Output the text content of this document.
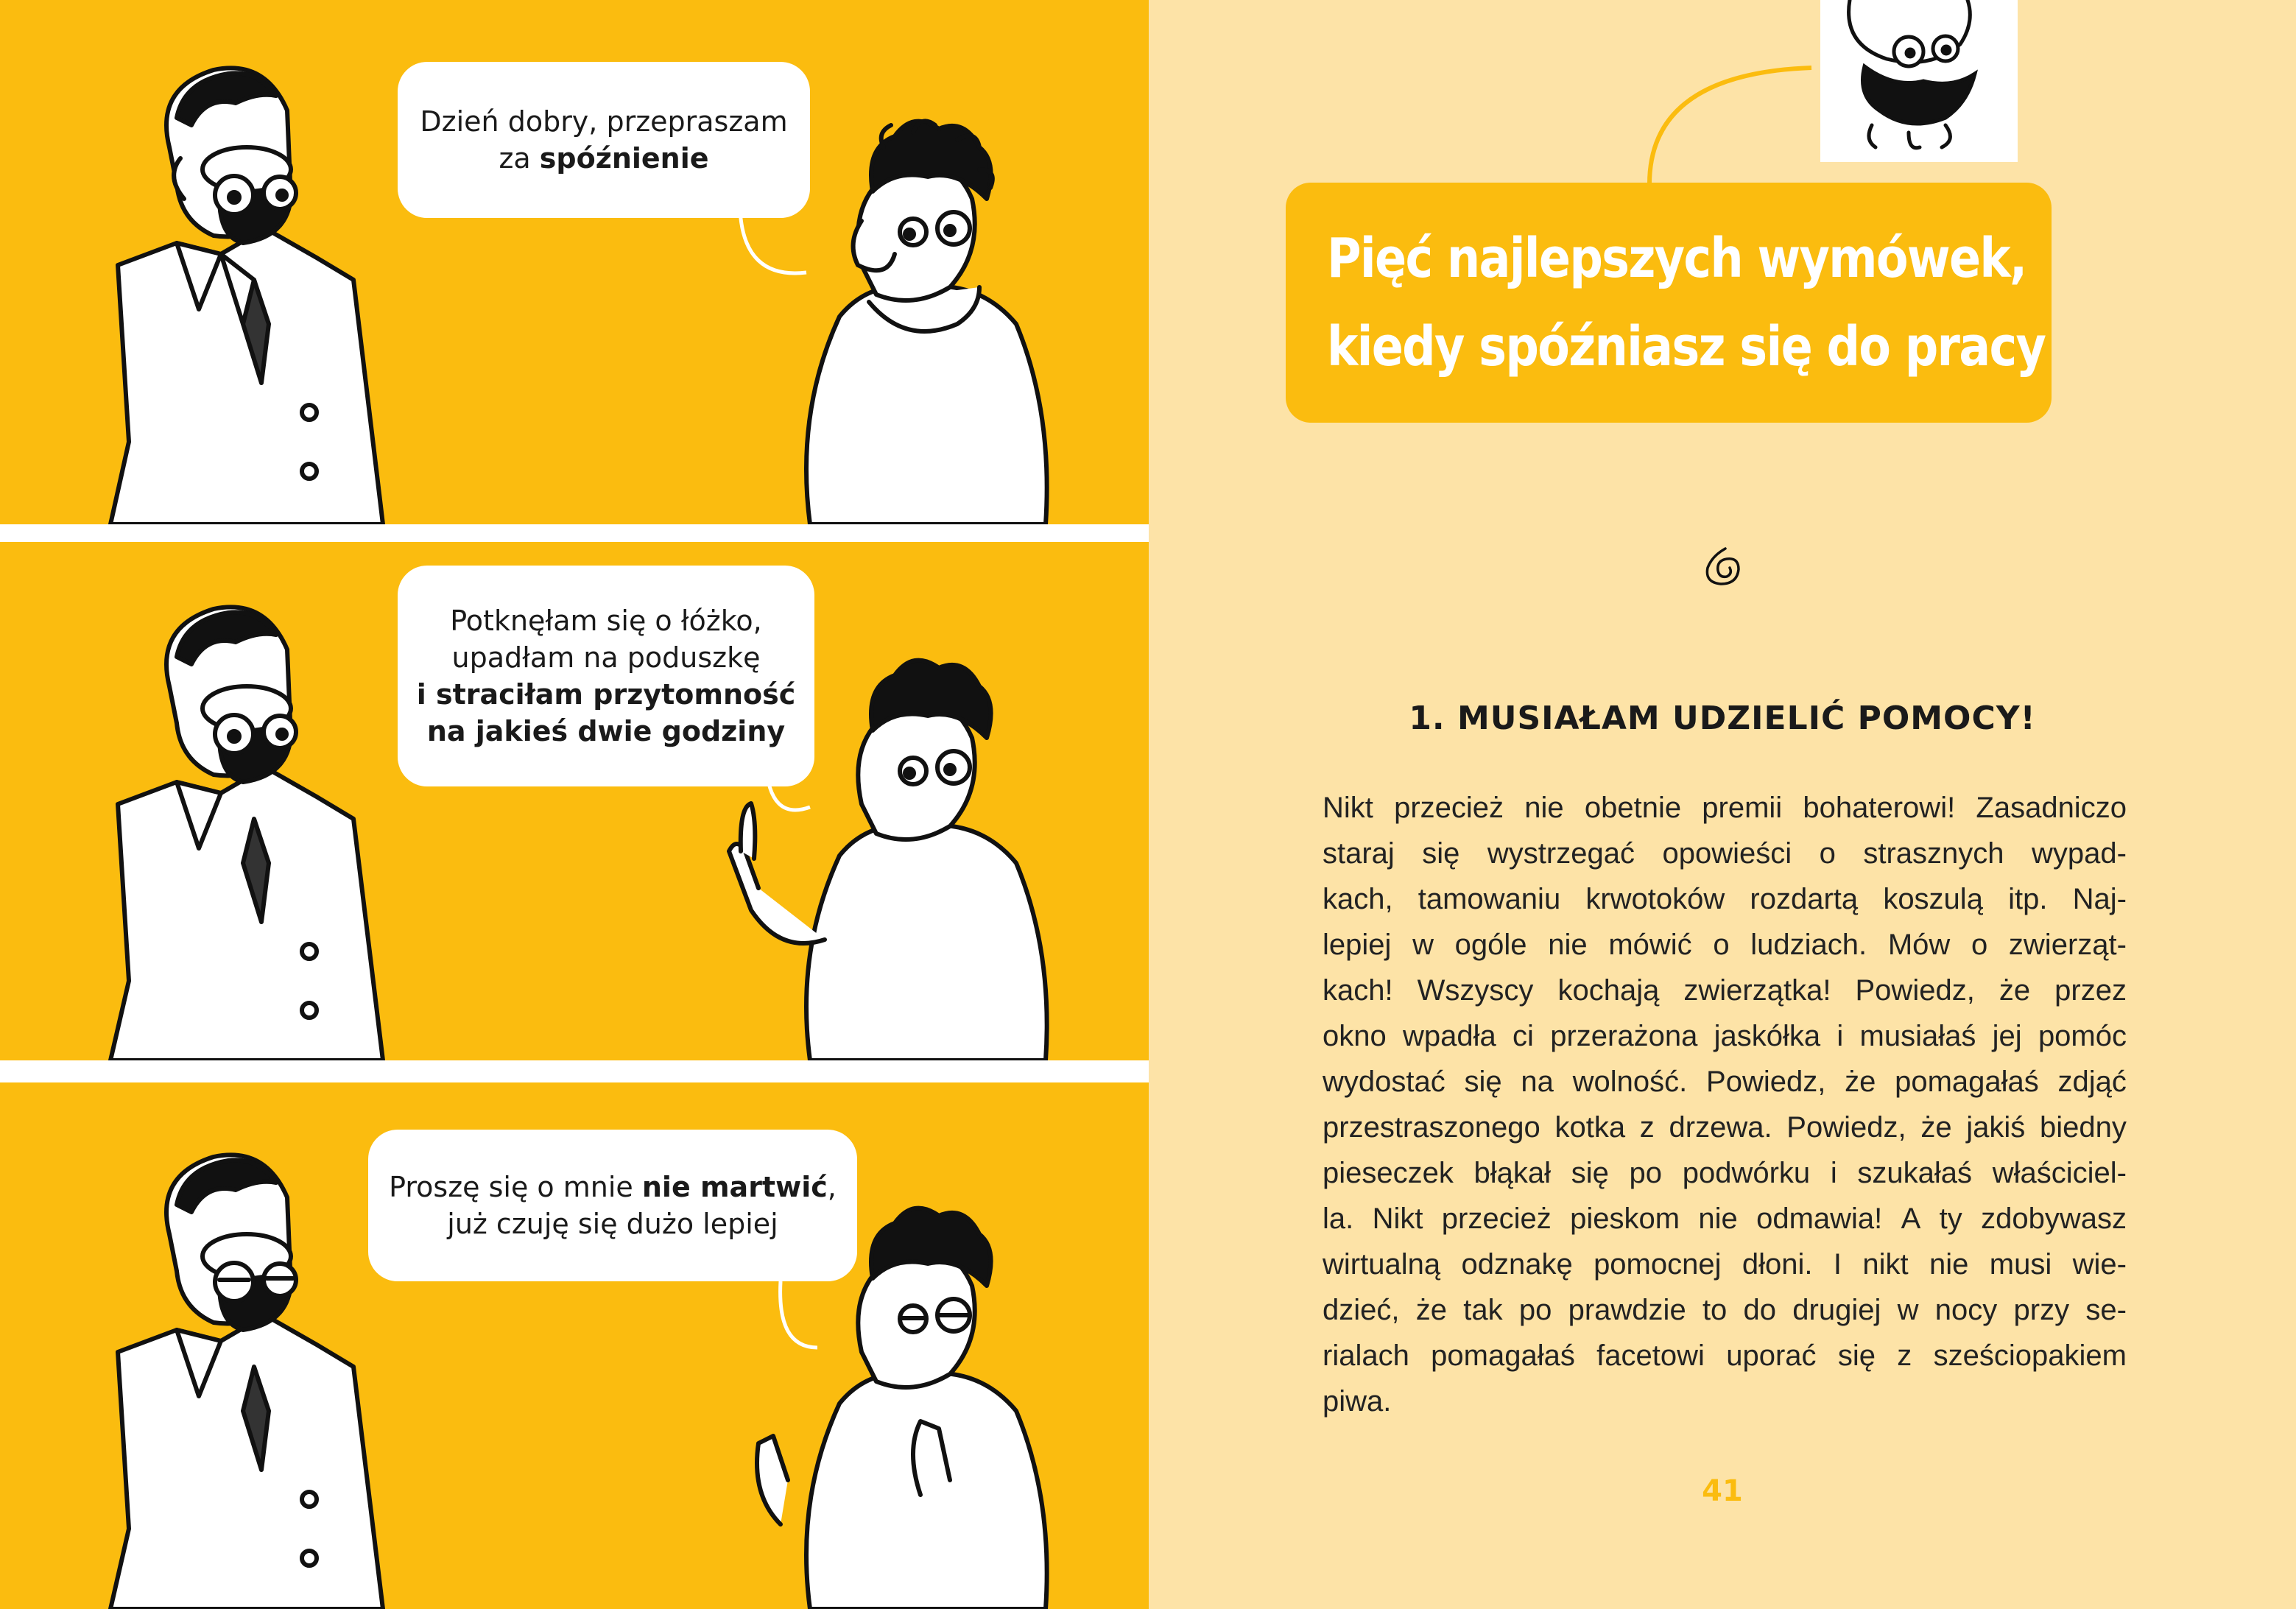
Dzień dobry, przepraszam
za spóźnienie
Potknęłam się o łóżko,
upadłam na poduszkę
i straciłam przytomność
na jakieś dwie godziny
Proszę się o mnie nie martwić,
już czuję się dużo lepiej
Pięć najlepszych wymówek,
kiedy spóźniasz się do pracy
1. MUSIAŁAM UDZIELIĆ POMOCY!
Nikt przecież nie obetnie premii bohaterowi! Zasadniczo
staraj się wystrzegać opowieści o strasznych wypad-
kach, tamowaniu krwotoków rozdartą koszulą itp. Naj-
lepiej w ogóle nie mówić o ludziach. Mów o zwierząt-
kach! Wszyscy kochają zwierzątka! Powiedz, że przez
okno wpadła ci przerażona jaskółka i musiałaś jej pomóc
wydostać się na wolność. Powiedz, że pomagałaś zdjąć
przestraszonego kotka z drzewa. Powiedz, że jakiś biedny
pieseczek błąkał się po podwórku i szukałaś właściciel-
la. Nikt przecież pieskom nie odmawia! A ty zdobywasz
wirtualną odznakę pomocnej dłoni. I nikt nie musi wie-
dzieć, że tak po prawdzie to do drugiej w nocy przy se-
rialach pomagałaś facetowi uporać się z sześciopakiem
piwa.
41
